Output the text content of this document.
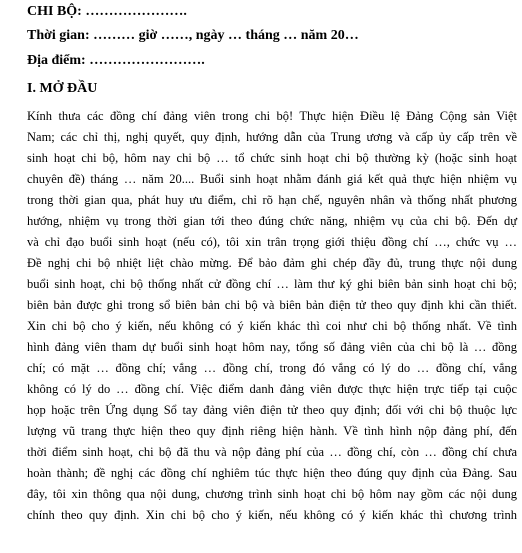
CHI BỘ: ………………….
Thời gian: ……… giờ ……, ngày … tháng … năm 20…
Địa điểm: …………………….
I. MỞ ĐẦU
Kính thưa các đồng chí đảng viên trong chi bộ! Thực hiện Điều lệ Đảng Cộng sản Việt
Nam; các chỉ thị, nghị quyết, quy định, hướng dẫn của Trung ương và cấp ủy cấp trên về
sinh hoạt chi bộ, hôm nay chi bộ … tổ chức sinh hoạt chi bộ thường kỳ (hoặc sinh hoạt
chuyên đề) tháng … năm 20.... Buổi sinh hoạt nhằm đánh giá kết quả thực hiện nhiệm vụ
trong thời gian qua, phát huy ưu điểm, chỉ rõ hạn chế, nguyên nhân và thống nhất phương
hướng, nhiệm vụ trong thời gian tới theo đúng chức năng, nhiệm vụ của chi bộ. Đến dự
và chỉ đạo buổi sinh hoạt (nếu có), tôi xin trân trọng giới thiệu đồng chí …, chức vụ …
Đề nghị chi bộ nhiệt liệt chào mừng. Để bảo đảm ghi chép đầy đủ, trung thực nội dung
buổi sinh hoạt, chi bộ thống nhất cử đồng chí … làm thư ký ghi biên bản sinh hoạt chi bộ;
biên bản được ghi trong sổ biên bản chi bộ và biên bản điện tử theo quy định khi cần thiết.
Xin chi bộ cho ý kiến, nếu không có ý kiến khác thì coi như chi bộ thống nhất. Về tình
hình đảng viên tham dự buổi sinh hoạt hôm nay, tổng số đảng viên của chi bộ là … đồng
chí; có mặt … đồng chí; vắng … đồng chí, trong đó vắng có lý do … đồng chí, vắng
không có lý do … đồng chí. Việc điểm danh đảng viên được thực hiện trực tiếp tại cuộc
họp hoặc trên Ứng dụng Sổ tay đảng viên điện tử theo quy định; đối với chi bộ thuộc lực
lượng vũ trang thực hiện theo quy định riêng hiện hành. Về tình hình nộp đảng phí, đến
thời điểm sinh hoạt, chi bộ đã thu và nộp đảng phí của … đồng chí, còn … đồng chí chưa
hoàn thành; đề nghị các đồng chí nghiêm túc thực hiện theo đúng quy định của Đảng. Sau
đây, tôi xin thông qua nội dung, chương trình sinh hoạt chi bộ hôm nay gồm các nội dung
chính theo quy định. Xin chi bộ cho ý kiến, nếu không có ý kiến khác thì chương trình
